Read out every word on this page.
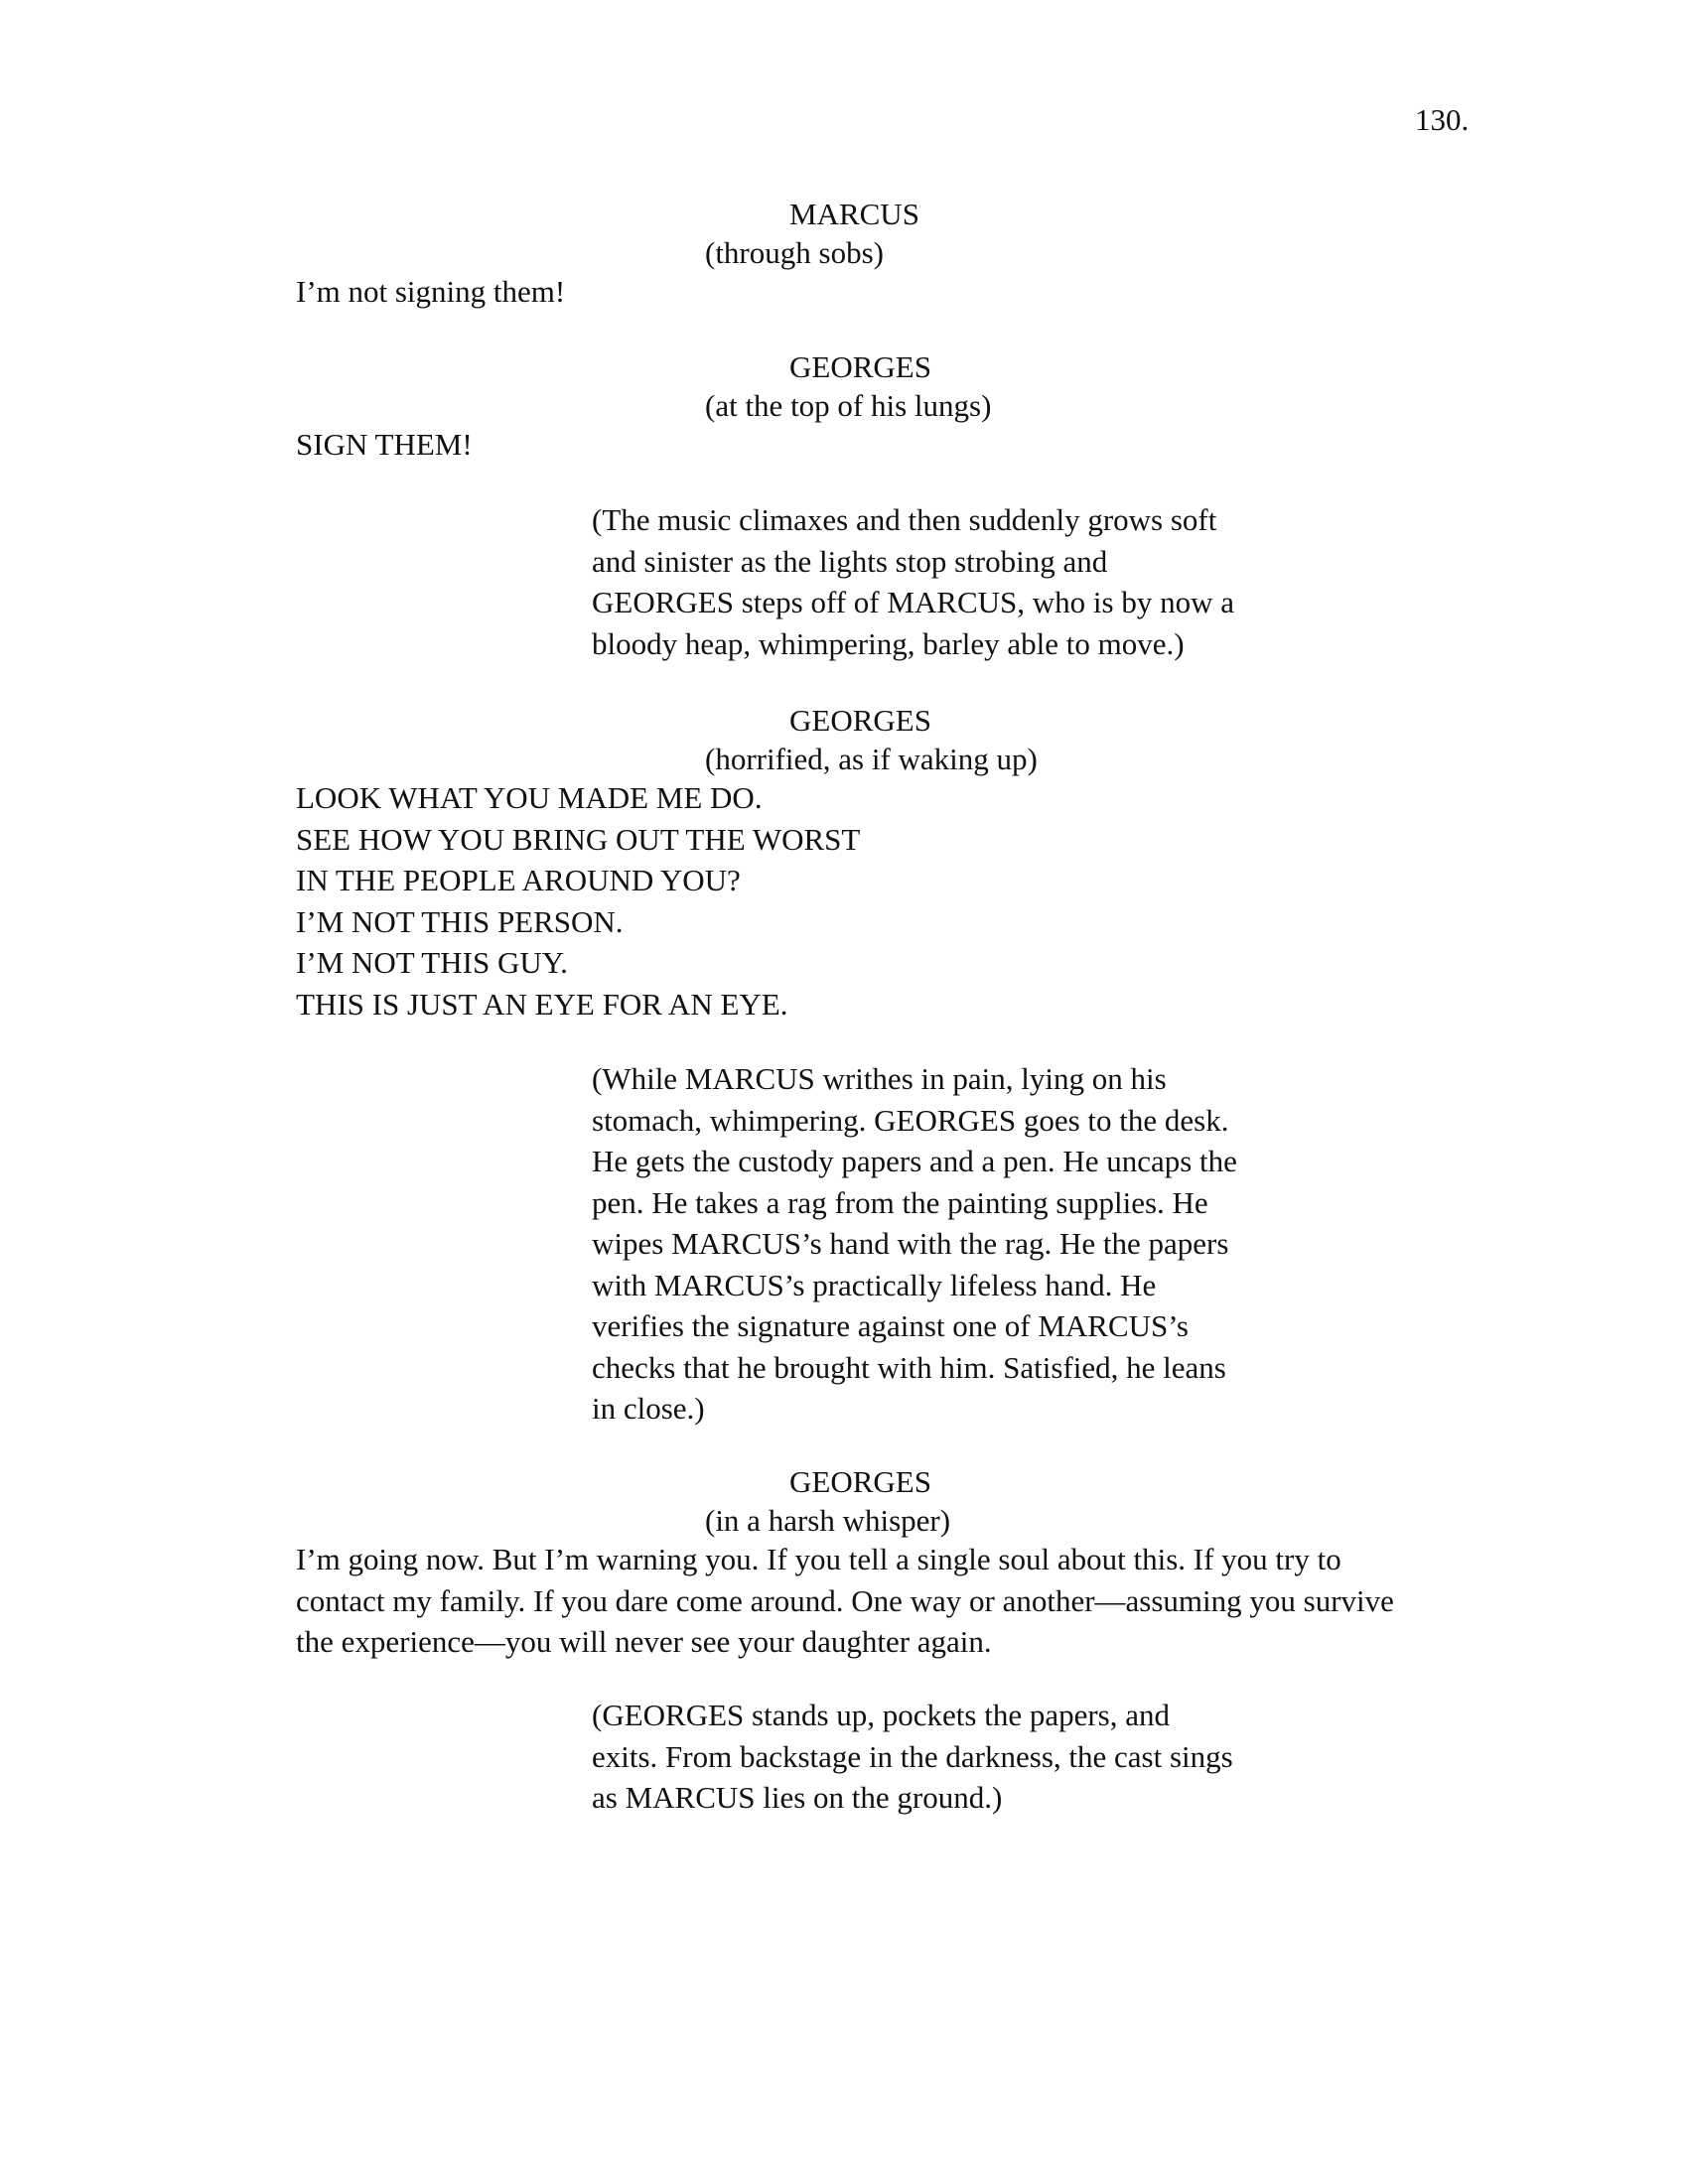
130.

MARCUS

(through sobs)

I’m not signing them!

GEORGES

(at the top of his lungs)

SIGN THEM!
(The music climaxes and then suddenly grows soft
and sinister as the lights stop strobing and
GEORGES steps off of MARCUS, who is by now a
bloody heap, whimpering, barley able to move.)

GEORGES

(horrified, as if waking up)

LOOK WHAT YOU MADE ME DO.
SEE HOW YOU BRING OUT THE WORST
IN THE PEOPLE AROUND YOU?
I’M NOT THIS PERSON.
I’M NOT THIS GUY.
THIS IS JUST AN EYE FOR AN EYE.
(While MARCUS writhes in pain, lying on his
stomach, whimpering. GEORGES goes to the desk.
He gets the custody papers and a pen. He uncaps the
pen. He takes a rag from the painting supplies. He
wipes MARCUS’s hand with the rag. He the papers
with MARCUS’s practically lifeless hand. He
verifies the signature against one of MARCUS’s
checks that he brought with him. Satisfied, he leans
in close.)

GEORGES

(in a harsh whisper)

I’m going now. But I’m warning you. If you tell a single soul about this. If you try to
contact my family. If you dare come around. One way or another—assuming you survive
the experience—you will never see your daughter again.
(GEORGES stands up, pockets the papers, and
exits. From backstage in the darkness, the cast sings
as MARCUS lies on the ground.)
